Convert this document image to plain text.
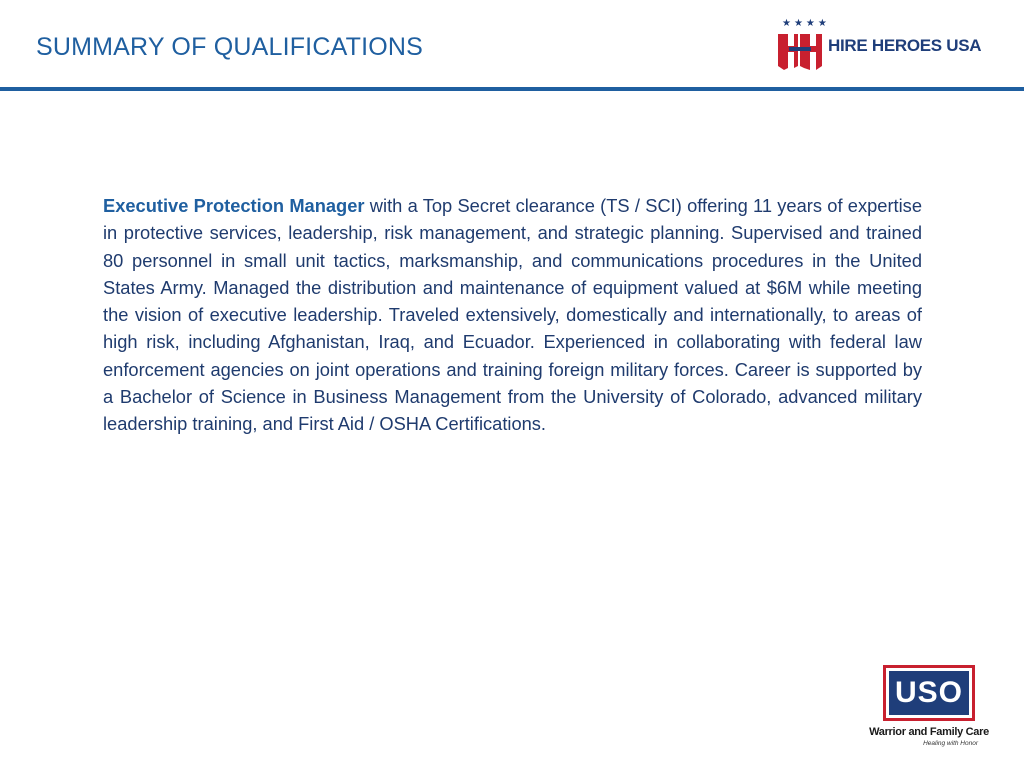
SUMMARY OF QUALIFICATIONS
★★★★
HIRE HEROES USA
Executive Protection Manager with a Top Secret clearance (TS / SCI) offering 11 years of expertise in protective services, leadership, risk management, and strategic planning. Supervised and trained 80 personnel in small unit tactics, marksmanship, and communications procedures in the United States Army. Managed the distribution and maintenance of equipment valued at $6M while meeting the vision of executive leadership. Traveled extensively, domestically and internationally, to areas of high risk, including Afghanistan, Iraq, and Ecuador. Experienced in collaborating with federal law enforcement agencies on joint operations and training foreign military forces. Career is supported by a Bachelor of Science in Business Management from the University of Colorado, advanced military leadership training, and First Aid / OSHA Certifications.
USO
Warrior and Family Care
Healing with Honor
